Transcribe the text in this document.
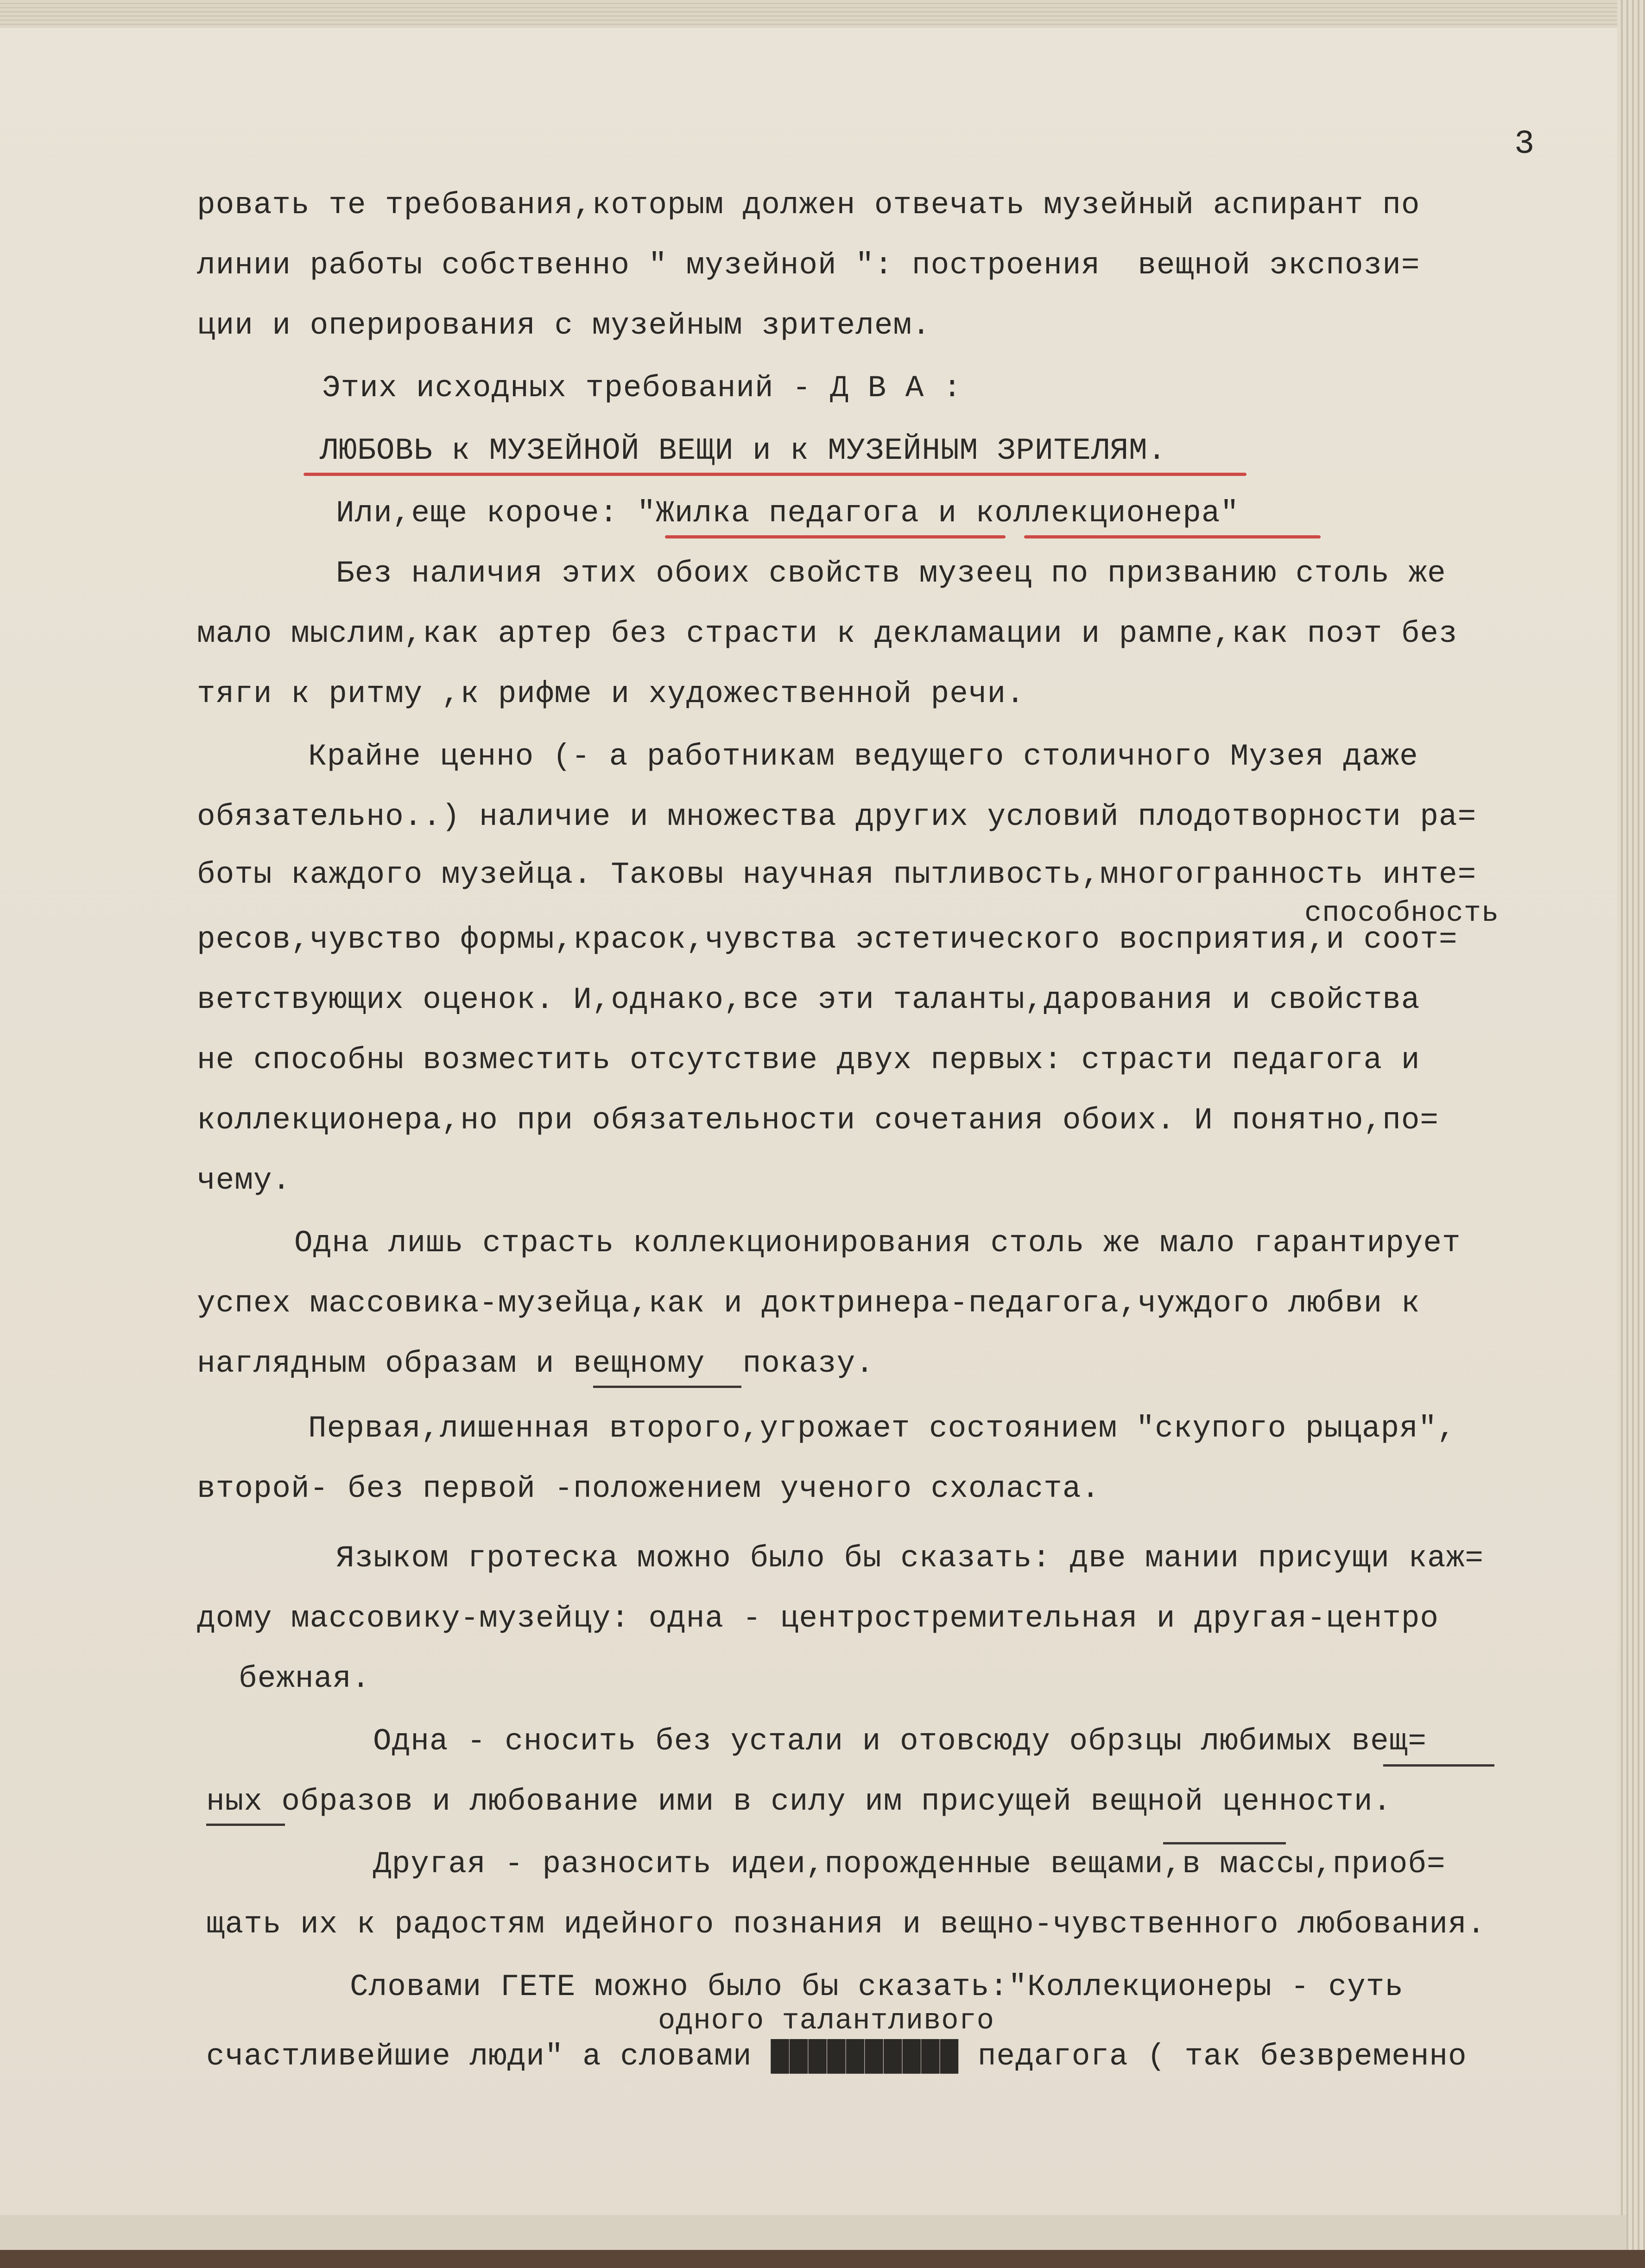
3
ровать те требования,которым должен отвечать музейный аспирант по
линии работы собственно " музейной ": построения  вещной экспози=
ции и оперирования с музейным зрителем.
Этих исходных требований - Д В А :
ЛЮБОВЬ к МУЗЕЙНОЙ ВЕЩИ и к МУЗЕЙНЫМ ЗРИТЕЛЯМ.
Или,еще короче: "Жилка педагога и коллекционера"
Без наличия этих обоих свойств музеец по призванию столь же
мало мыслим,как артер без страсти к декламации и рампе,как поэт без
тяги к ритму ,к рифме и художественной речи.
Крайне ценно (- а работникам ведущего столичного Музея даже
обязательно..) наличие и множества других условий плодотворности ра=
боты каждого музейца. Таковы научная пытливость,многогранность инте=
способность
ресов,чувство формы,красок,чувства эстетического восприятия,и соот=
ветствующих оценок. И,однако,все эти таланты,дарования и свойства
не способны возместить отсутствие двух первых: страсти педагога и
коллекционера,но при обязательности сочетания обоих. И понятно,по=
чему.
Одна лишь страсть коллекционирования столь же мало гарантирует
успех массовика-музейца,как и доктринера-педагога,чуждого любви к
наглядным образам и вещному  показу.
Первая,лишенная второго,угрожает состоянием "скупого рыцаря",
второй- без первой -положением ученого схоласта.
Языком гротеска можно было бы сказать: две мании присущи каж=
дому массовику-музейцу: одна - центростремительная и другая-центро
бежная.
Одна - сносить без устали и отовсюду обрзцы любимых вещ=
ных образов и любование ими в силу им присущей вещной ценности.
Другая - разносить идеи,порожденные вещами,в массы,приоб=
щать их к радостям идейного познания и вещно-чувственного любования.
Словами ГЕТЕ можно было бы сказать:"Коллекционеры - суть
одного талантливого
счастливейшие люди" а словами ██████████ педагога ( так безвременно
